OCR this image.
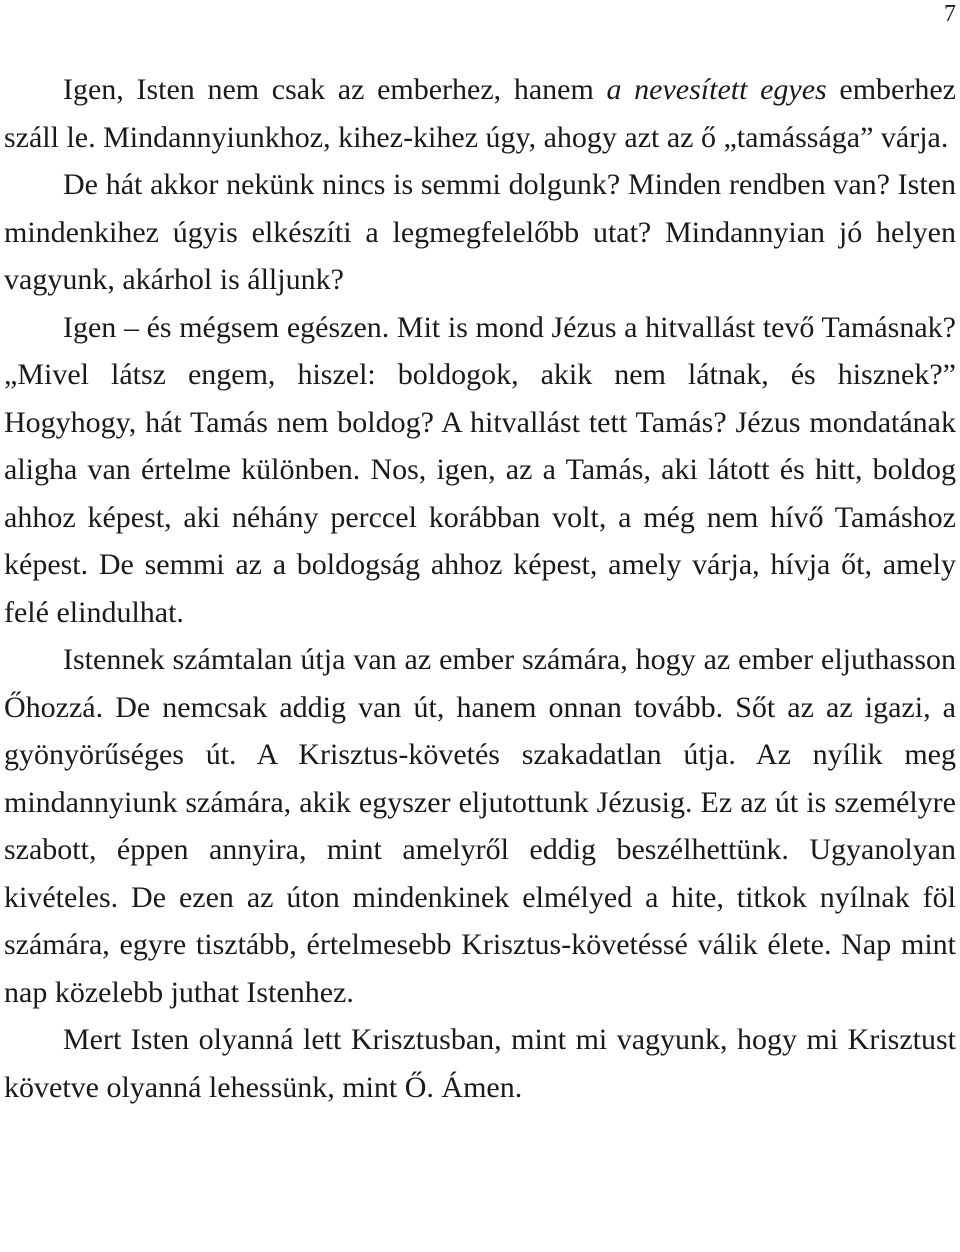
7

Igen, Isten nem csak az emberhez, hanem a nevesített egyes emberhez száll le. Mindannyiunkhoz, kihez-kihez úgy, ahogy azt az ő „tamássága” várja.

De hát akkor nekünk nincs is semmi dolgunk? Minden rendben van? Isten mindenkihez úgyis elkészíti a legmegfelelőbb utat? Mindannyian jó helyen vagyunk, akárhol is álljunk?

Igen – és mégsem egészen. Mit is mond Jézus a hitvallást tevő Tamásnak? „Mivel látsz engem, hiszel: boldogok, akik nem látnak, és hisznek?” Hogyhogy, hát Tamás nem boldog? A hitvallást tett Tamás? Jézus mondatának aligha van értelme különben. Nos, igen, az a Tamás, aki látott és hitt, boldog ahhoz képest, aki néhány perccel korábban volt, a még nem hívő Tamáshoz képest. De semmi az a boldogság ahhoz képest, amely várja, hívja őt, amely felé elindulhat.

Istennek számtalan útja van az ember számára, hogy az ember eljuthasson Őhozzá. De nemcsak addig van út, hanem onnan tovább. Sőt az az igazi, a gyönyörűséges út. A Krisztus-követés szakadatlan útja. Az nyílik meg mindannyiunk számára, akik egyszer eljutottunk Jézusig. Ez az út is személyre szabott, éppen annyira, mint amelyről eddig beszélhettünk. Ugyanolyan kivételes. De ezen az úton mindenkinek elmélyed a hite, titkok nyílnak föl számára, egyre tisztább, értelmesebb Krisztus-követéssé válik élete. Nap mint nap közelebb juthat Istenhez.

Mert Isten olyanná lett Krisztusban, mint mi vagyunk, hogy mi Krisztust követve olyanná lehessünk, mint Ő. Ámen.
